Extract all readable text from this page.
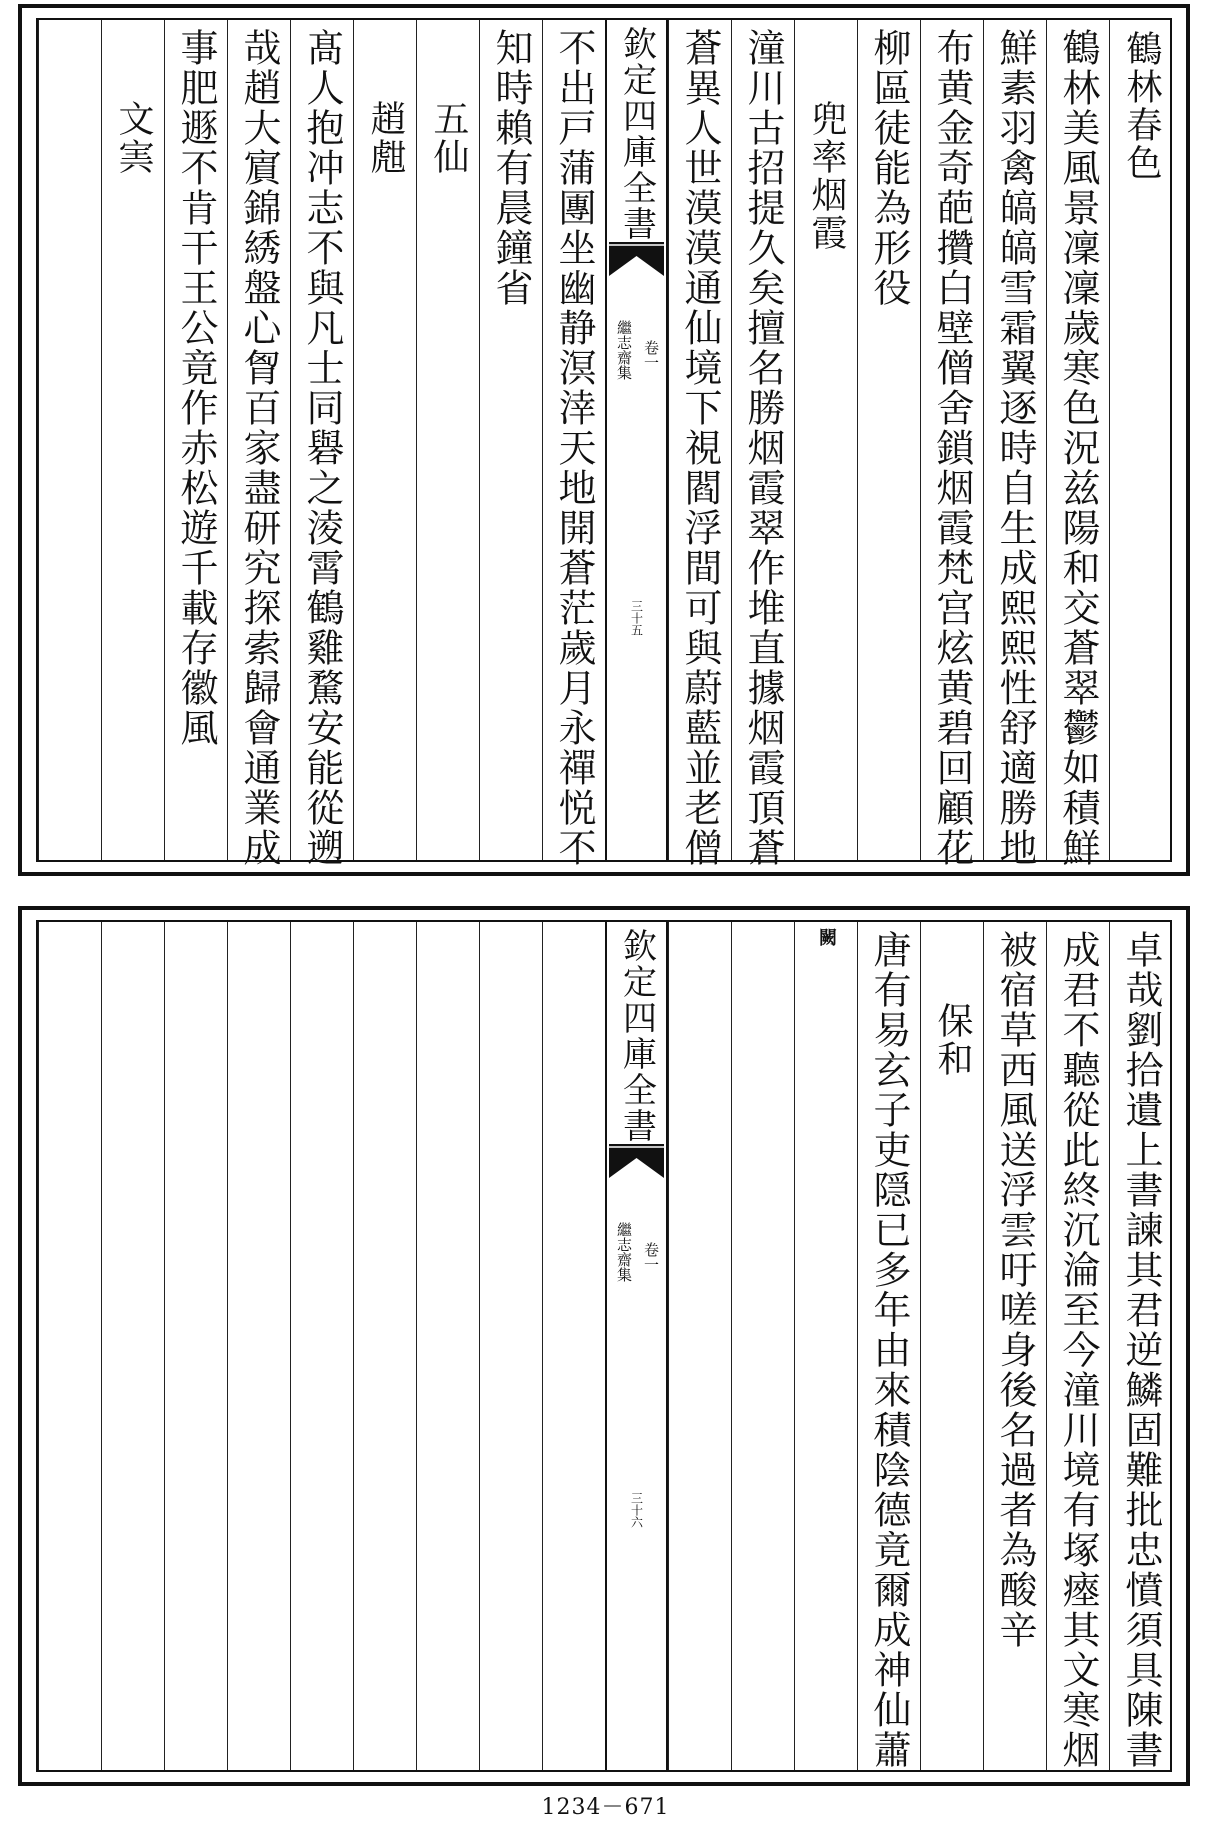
鶴林春色
鶴林美風景凜凜歲寒色況兹陽和交蒼翠鬱如積鮮
鮮素羽禽皜皜雪霜翼逐時自生成熙熙性舒適勝地
布黄金奇葩攢白壁僧舍鎖烟霞梵宫炫黄碧回顧花
柳區徒能為形役
兜率烟霞
潼川古招提久矣擅名勝烟霞翠作堆直據烟霞頂蒼
蒼異人世漠漠通仙境下視閻浮間可與蔚藍並老僧
欽定四庫全書
繼志齋集 卷一
三十五
不出戸蒲團坐幽静溟涬天地開蒼茫歲月永禪悦不
知時賴有晨鐘省
五仙
趙甝
髙人抱冲志不與凡士同礜之淩霄鶴雞騖安能從遡
哉趙大賔錦綉盤心胷百家盡研究探索歸會通業成
事肥遯不肯干王公竟作赤松遊千載存徽風
文㝙
卓哉劉拾遺上書諫其君逆鱗固難批忠憤須具陳書
成君不聽從此終沉淪至今潼川境有塚瘞其文寒烟
被宿草西風送浮雲吁嗟身後名過者為酸辛
保和
唐有易玄子吏隠已多年由來積陰德竟爾成神仙蕭
闕
欽定四庫全書
繼志齋集 卷一
三十六
1234－671
